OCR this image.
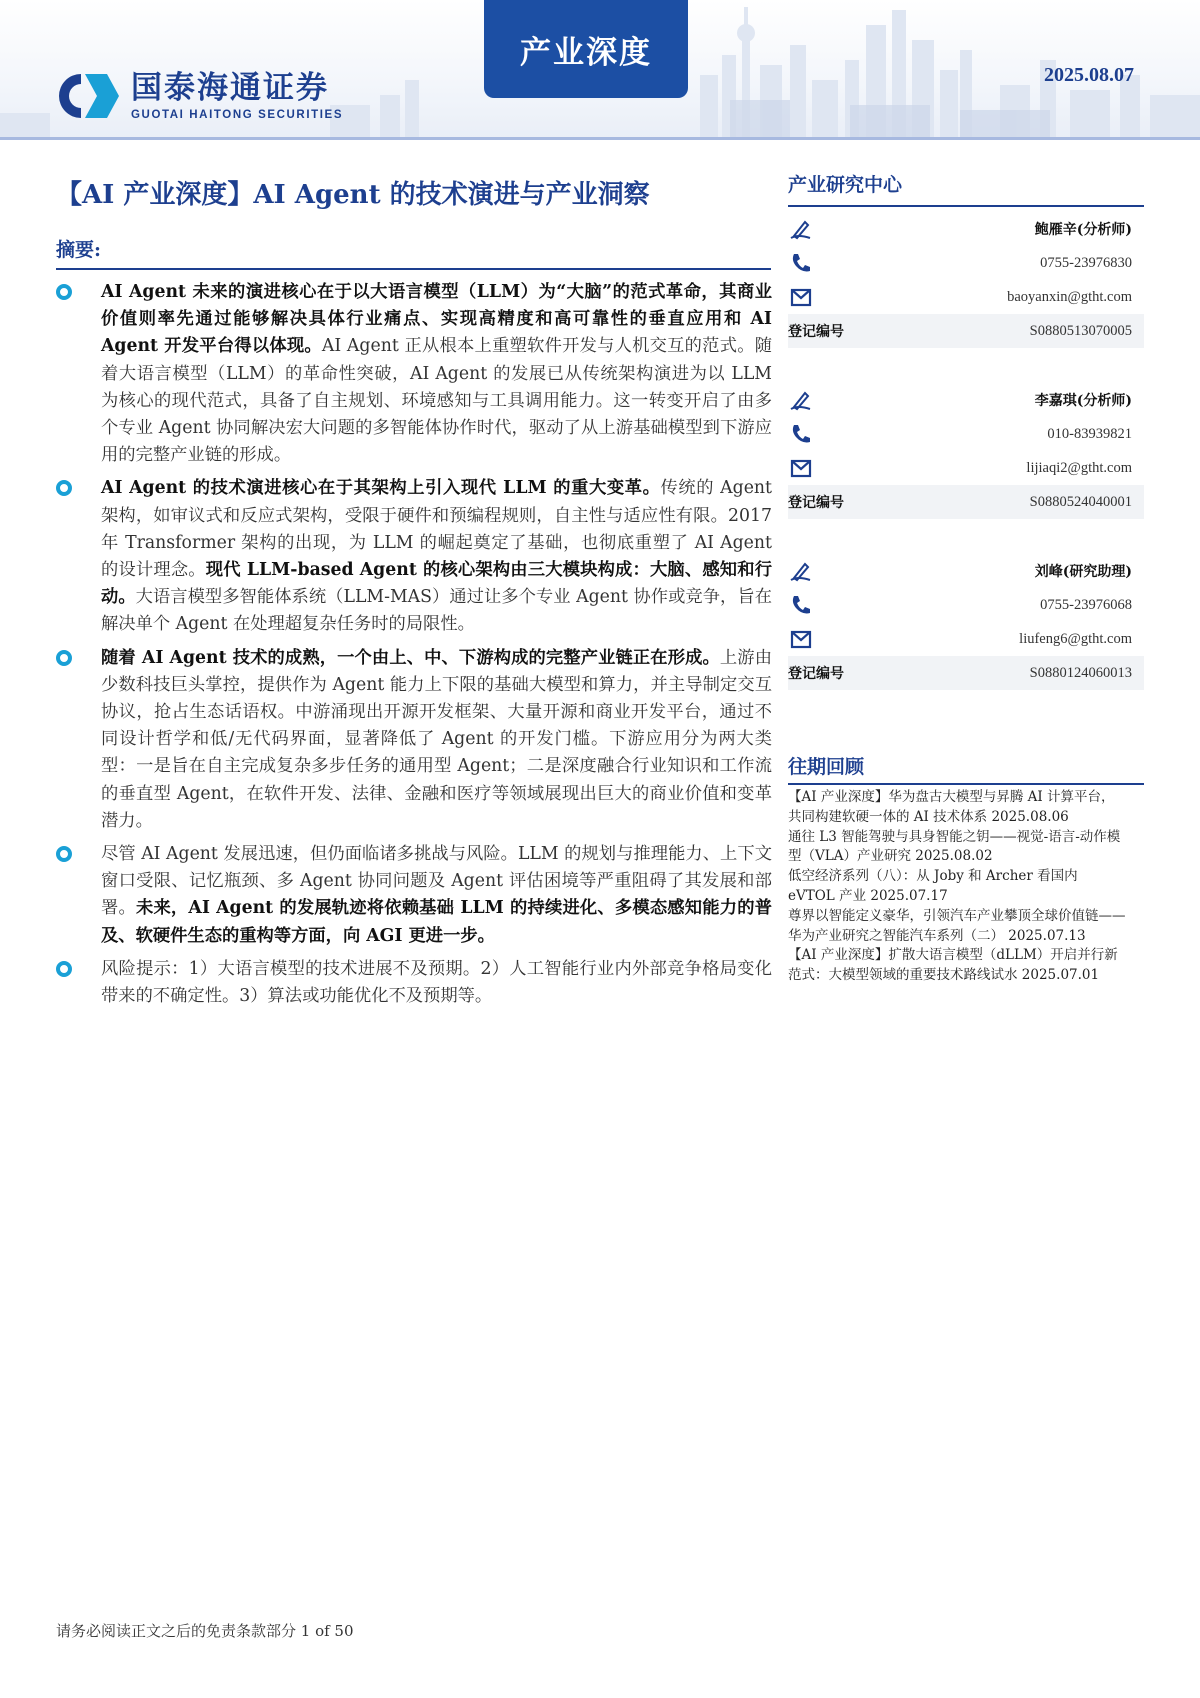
国泰海通证券
GUOTAI HAITONG SECURITIES
产业深度
2025.08.07
【AI 产业深度】AI Agent 的技术演进与产业洞察
摘要:
AI Agent 未来的演进核心在于以大语言模型（LLM）为“大脑”的范式革命，其商业价值则率先通过能够解决具体行业痛点、实现高精度和高可靠性的垂直应用和 AI Agent 开发平台得以体现。AI Agent 正从根本上重塑软件开发与人机交互的范式。随着大语言模型（LLM）的革命性突破，AI Agent 的发展已从传统架构演进为以 LLM 为核心的现代范式，具备了自主规划、环境感知与工具调用能力。这一转变开启了由多个专业 Agent 协同解决宏大问题的多智能体协作时代，驱动了从上游基础模型到下游应用的完整产业链的形成。
AI Agent 的技术演进核心在于其架构上引入现代 LLM 的重大变革。传统的 Agent 架构，如审议式和反应式架构，受限于硬件和预编程规则，自主性与适应性有限。2017 年 Transformer 架构的出现，为 LLM 的崛起奠定了基础，也彻底重塑了 AI Agent 的设计理念。现代 LLM-based Agent 的核心架构由三大模块构成：大脑、感知和行动。大语言模型多智能体系统（LLM-MAS）通过让多个专业 Agent 协作或竞争，旨在解决单个 Agent 在处理超复杂任务时的局限性。
随着 AI Agent 技术的成熟，一个由上、中、下游构成的完整产业链正在形成。上游由少数科技巨头掌控，提供作为 Agent 能力上下限的基础大模型和算力，并主导制定交互协议，抢占生态话语权。中游涌现出开源开发框架、大量开源和商业开发平台，通过不同设计哲学和低/无代码界面，显著降低了 Agent 的开发门槛。下游应用分为两大类型：一是旨在自主完成复杂多步任务的通用型 Agent；二是深度融合行业知识和工作流的垂直型 Agent，在软件开发、法律、金融和医疗等领域展现出巨大的商业价值和变革潜力。
尽管 AI Agent 发展迅速，但仍面临诸多挑战与风险。LLM 的规划与推理能力、上下文窗口受限、记忆瓶颈、多 Agent 协同问题及 Agent 评估困境等严重阻碍了其发展和部署。未来，AI Agent 的发展轨迹将依赖基础 LLM 的持续进化、多模态感知能力的普及、软硬件生态的重构等方面，向 AGI 更进一步。
风险提示：1）大语言模型的技术进展不及预期。2）人工智能行业内外部竞争格局变化带来的不确定性。3）算法或功能优化不及预期等。
产业研究中心
鲍雁辛(分析师)
0755-23976830
baoyanxin@gtht.com
登记编号	S0880513070005
李嘉琪(分析师)
010-83939821
lijiaqi2@gtht.com
登记编号	S0880524040001
刘峰(研究助理)
0755-23976068
liufeng6@gtht.com
登记编号	S0880124060013
往期回顾
【AI 产业深度】华为盘古大模型与昇腾 AI 计算平台，共同构建软硬一体的 AI 技术体系 2025.08.06
通往 L3 智能驾驶与具身智能之钥——视觉-语言-动作模型（VLA）产业研究 2025.08.02
低空经济系列（八）：从 Joby 和 Archer 看国内 eVTOL 产业 2025.07.17
尊界以智能定义豪华，引领汽车产业攀顶全球价值链——华为产业研究之智能汽车系列（二） 2025.07.13
【AI 产业深度】扩散大语言模型（dLLM）开启并行新范式：大模型领域的重要技术路线试水 2025.07.01
请务必阅读正文之后的免责条款部分 1 of 50
